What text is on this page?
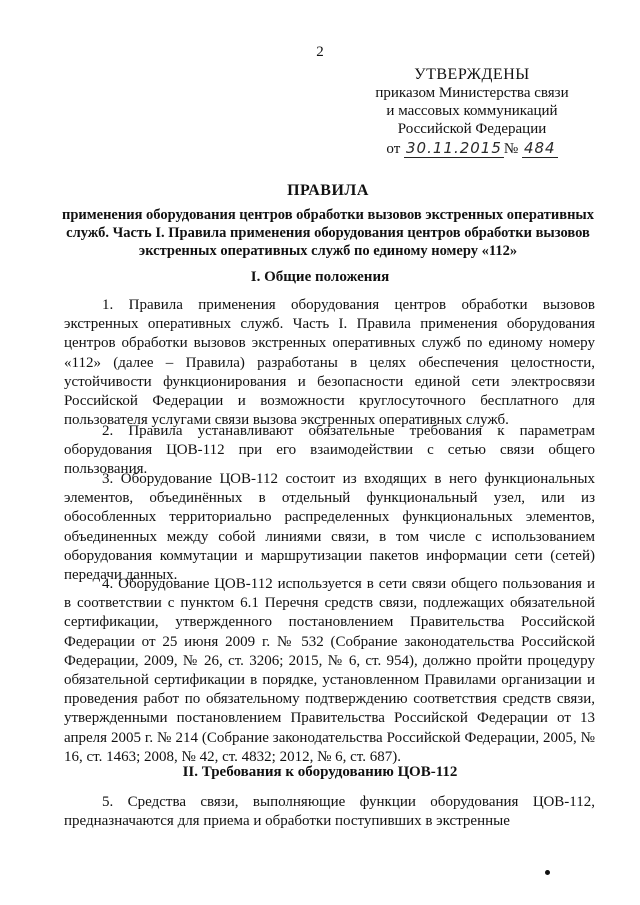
2
УТВЕРЖДЕНЫ
приказом Министерства связи
и массовых коммуникаций
Российской Федерации
от 30.11.2015 № 484
ПРАВИЛА
применения оборудования центров обработки вызовов экстренных оперативных служб. Часть I. Правила применения оборудования центров обработки вызовов экстренных оперативных служб по единому номеру «112»
I. Общие положения
1. Правила применения оборудования центров обработки вызовов экстренных оперативных служб. Часть I. Правила применения оборудования центров обработки вызовов экстренных оперативных служб по единому номеру «112» (далее – Правила) разработаны в целях обеспечения целостности, устойчивости функционирования и безопасности единой сети электросвязи Российской Федерации и возможности круглосуточного бесплатного для пользователя услугами связи вызова экстренных оперативных служб.
2. Правила устанавливают обязательные требования к параметрам оборудования ЦОВ-112 при его взаимодействии с сетью связи общего пользования.
3. Оборудование ЦОВ-112 состоит из входящих в него функциональных элементов, объединённых в отдельный функциональный узел, или из обособленных территориально распределенных функциональных элементов, объединенных между собой линиями связи, в том числе с использованием оборудования коммутации и маршрутизации пакетов информации сети (сетей) передачи данных.
4. Оборудование ЦОВ-112 используется в сети связи общего пользования и в соответствии с пунктом 6.1 Перечня средств связи, подлежащих обязательной сертификации, утвержденного постановлением Правительства Российской Федерации от 25 июня 2009 г. № 532 (Собрание законодательства Российской Федерации, 2009, № 26, ст. 3206; 2015, № 6, ст. 954), должно пройти процедуру обязательной сертификации в порядке, установленном Правилами организации и проведения работ по обязательному подтверждению соответствия средств связи, утвержденными постановлением Правительства Российской Федерации от 13 апреля 2005 г. № 214 (Собрание законодательства Российской Федерации, 2005, № 16, ст. 1463; 2008, № 42, ст. 4832; 2012, № 6, ст. 687).
II. Требования к оборудованию ЦОВ-112
5. Средства связи, выполняющие функции оборудования ЦОВ-112, предназначаются для приема и обработки поступивших в экстренные
